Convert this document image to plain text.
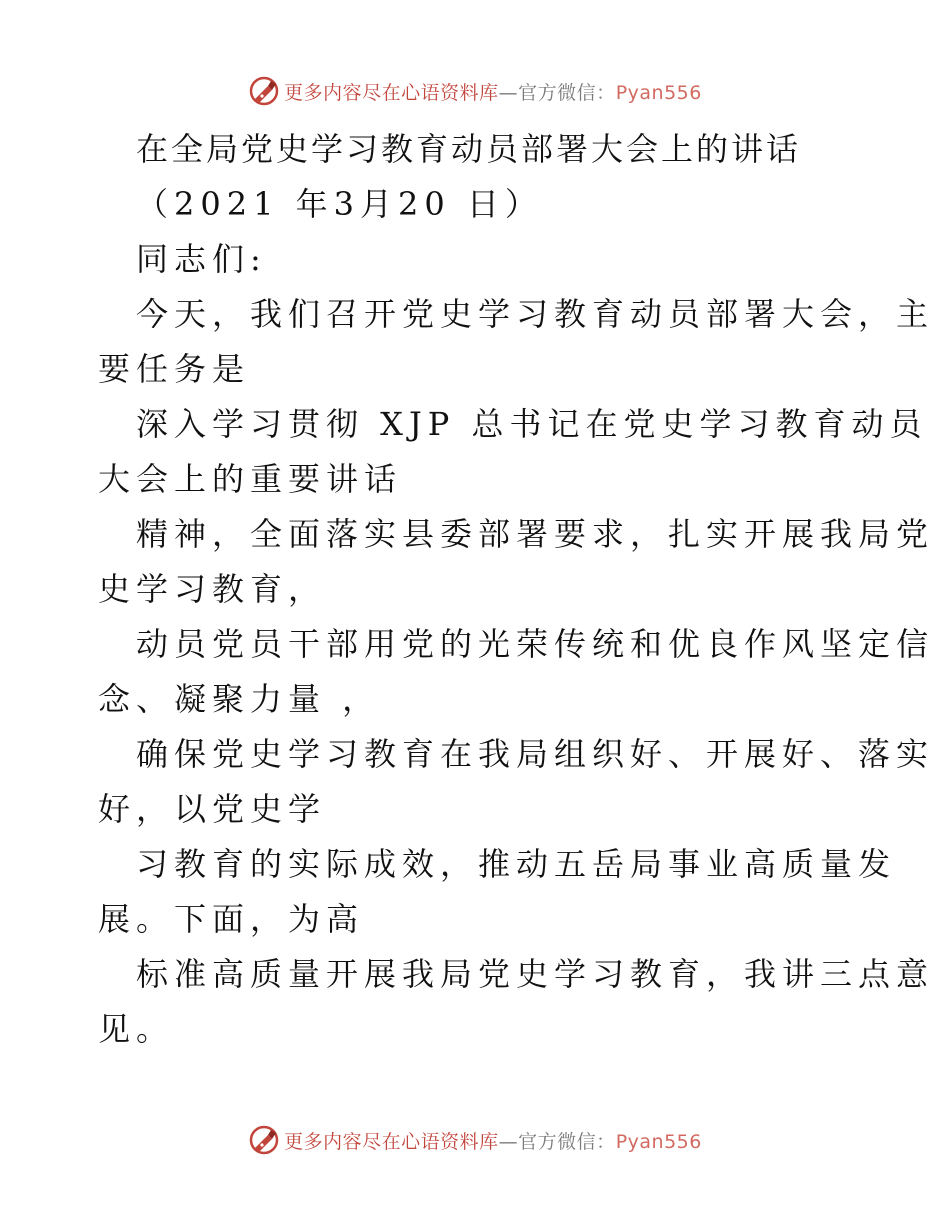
更多内容尽在心语资料库—官方微信：Pyan556
在全局党史学习教育动员部署大会上的讲话
（2021 年3月20 日）
同志们:
今天，我们召开党史学习教育动员部署大会，主
要任务是
深入学习贯彻 XJP 总书记在党史学习教育动员
大会上的重要讲话
精神，全面落实县委部署要求，扎实开展我局党
史学习教育，
动员党员干部用党的光荣传统和优良作风坚定信
念、凝聚力量 ，
确保党史学习教育在我局组织好、开展好、落实
好，以党史学
习教育的实际成效，推动五岳局事业高质量发
展。下面，为高
标准高质量开展我局党史学习教育，我讲三点意
见。
更多内容尽在心语资料库—官方微信：Pyan556
